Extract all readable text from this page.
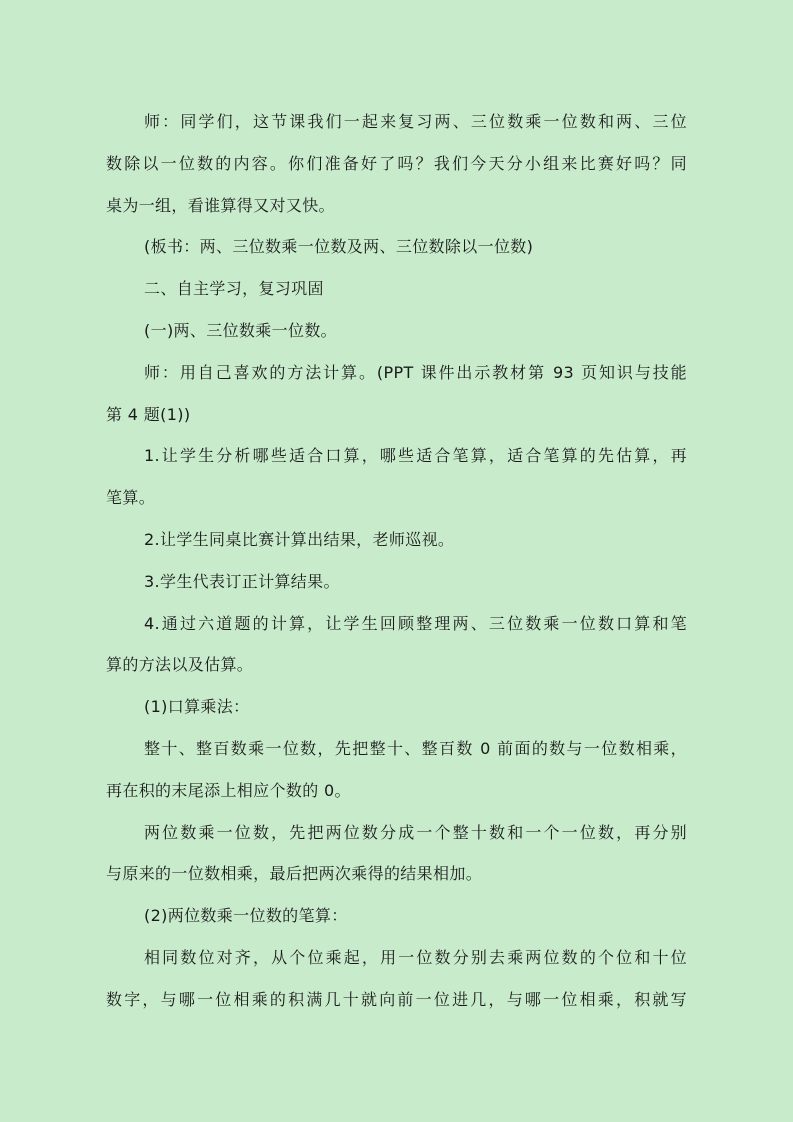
师：同学们，这节课我们一起来复习两、三位数乘一位数和两、三位
数除以一位数的内容。你们准备好了吗？我们今天分小组来比赛好吗？同
桌为一组，看谁算得又对又快。
(板书：两、三位数乘一位数及两、三位数除以一位数)
二、自主学习，复习巩固
(一)两、三位数乘一位数。
师：用自己喜欢的方法计算。(PPT 课件出示教材第 93 页知识与技能
第 4 题(1))
1.让学生分析哪些适合口算，哪些适合笔算，适合笔算的先估算，再
笔算。
2.让学生同桌比赛计算出结果，老师巡视。
3.学生代表订正计算结果。
4.通过六道题的计算，让学生回顾整理两、三位数乘一位数口算和笔
算的方法以及估算。
(1)口算乘法：
整十、整百数乘一位数，先把整十、整百数 0 前面的数与一位数相乘，
再在积的末尾添上相应个数的 0。
两位数乘一位数，先把两位数分成一个整十数和一个一位数，再分别
与原来的一位数相乘，最后把两次乘得的结果相加。
(2)两位数乘一位数的笔算：
相同数位对齐，从个位乘起，用一位数分别去乘两位数的个位和十位
数字，与哪一位相乘的积满几十就向前一位进几，与哪一位相乘，积就写
